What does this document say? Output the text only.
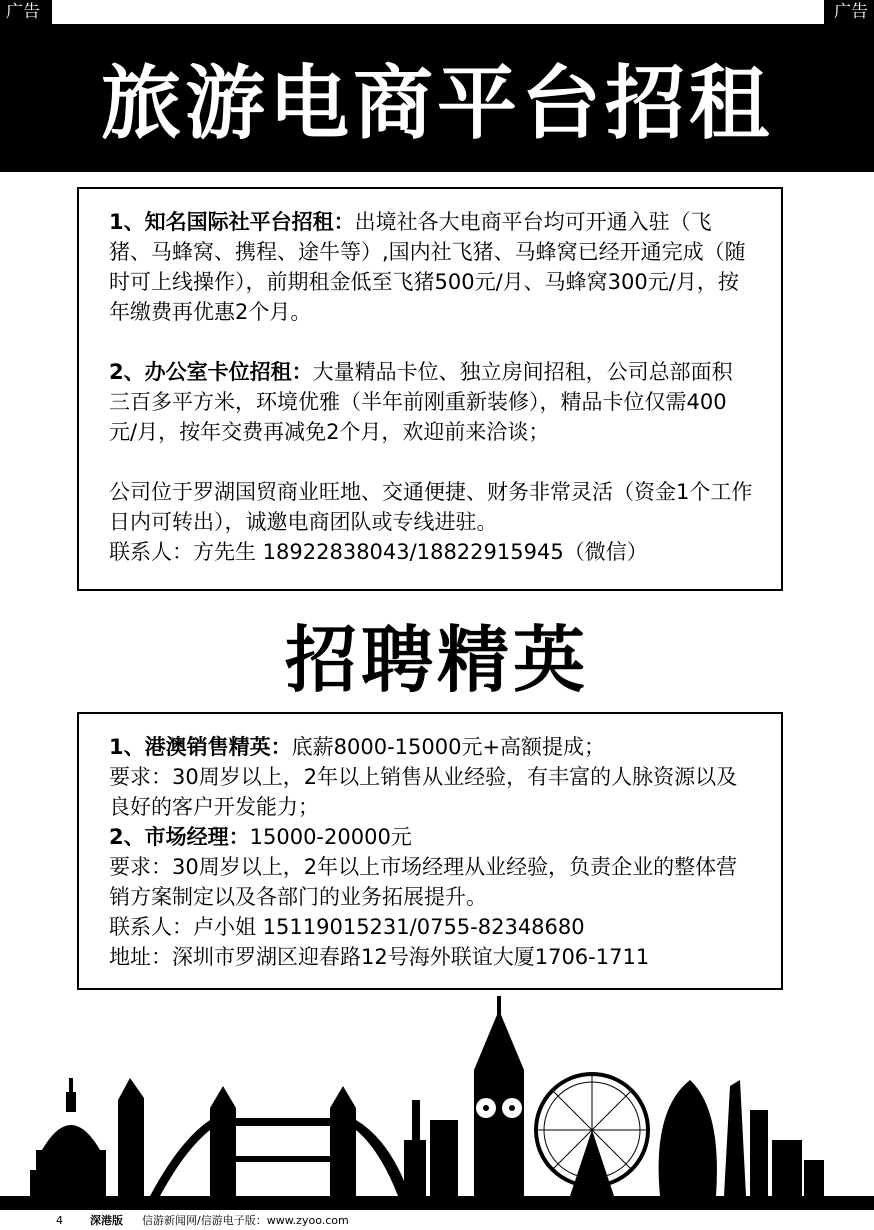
广告	广告
旅游电商平台招租

1、知名国际社平台招租：出境社各大电商平台均可开通入驻（飞猪、马蜂窝、携程、途牛等）,国内社飞猪、马蜂窝已经开通完成（随时可上线操作），前期租金低至飞猪500元/月、马蜂窝300元/月，按年缴费再优惠2个月。

2、办公室卡位招租：大量精品卡位、独立房间招租，公司总部面积三百多平方米，环境优雅（半年前刚重新装修），精品卡位仅需400元/月，按年交费再减免2个月，欢迎前来洽谈；

公司位于罗湖国贸商业旺地、交通便捷、财务非常灵活（资金1个工作日内可转出），诚邀电商团队或专线进驻。

联系人：方先生 18922838043/18822915945（微信）

招聘精英

1、港澳销售精英：底薪8000-15000元+高额提成；

要求：30周岁以上，2年以上销售从业经验，有丰富的人脉资源以及良好的客户开发能力；

2、市场经理：15000-20000元

要求：30周岁以上，2年以上市场经理从业经验，负责企业的整体营销方案制定以及各部门的业务拓展提升。

联系人：卢小姐 15119015231/0755-82348680

地址：深圳市罗湖区迎春路12号海外联谊大厦1706-1711

4 深港版 信游新闻网/信游电子版：www.zyoo.com
